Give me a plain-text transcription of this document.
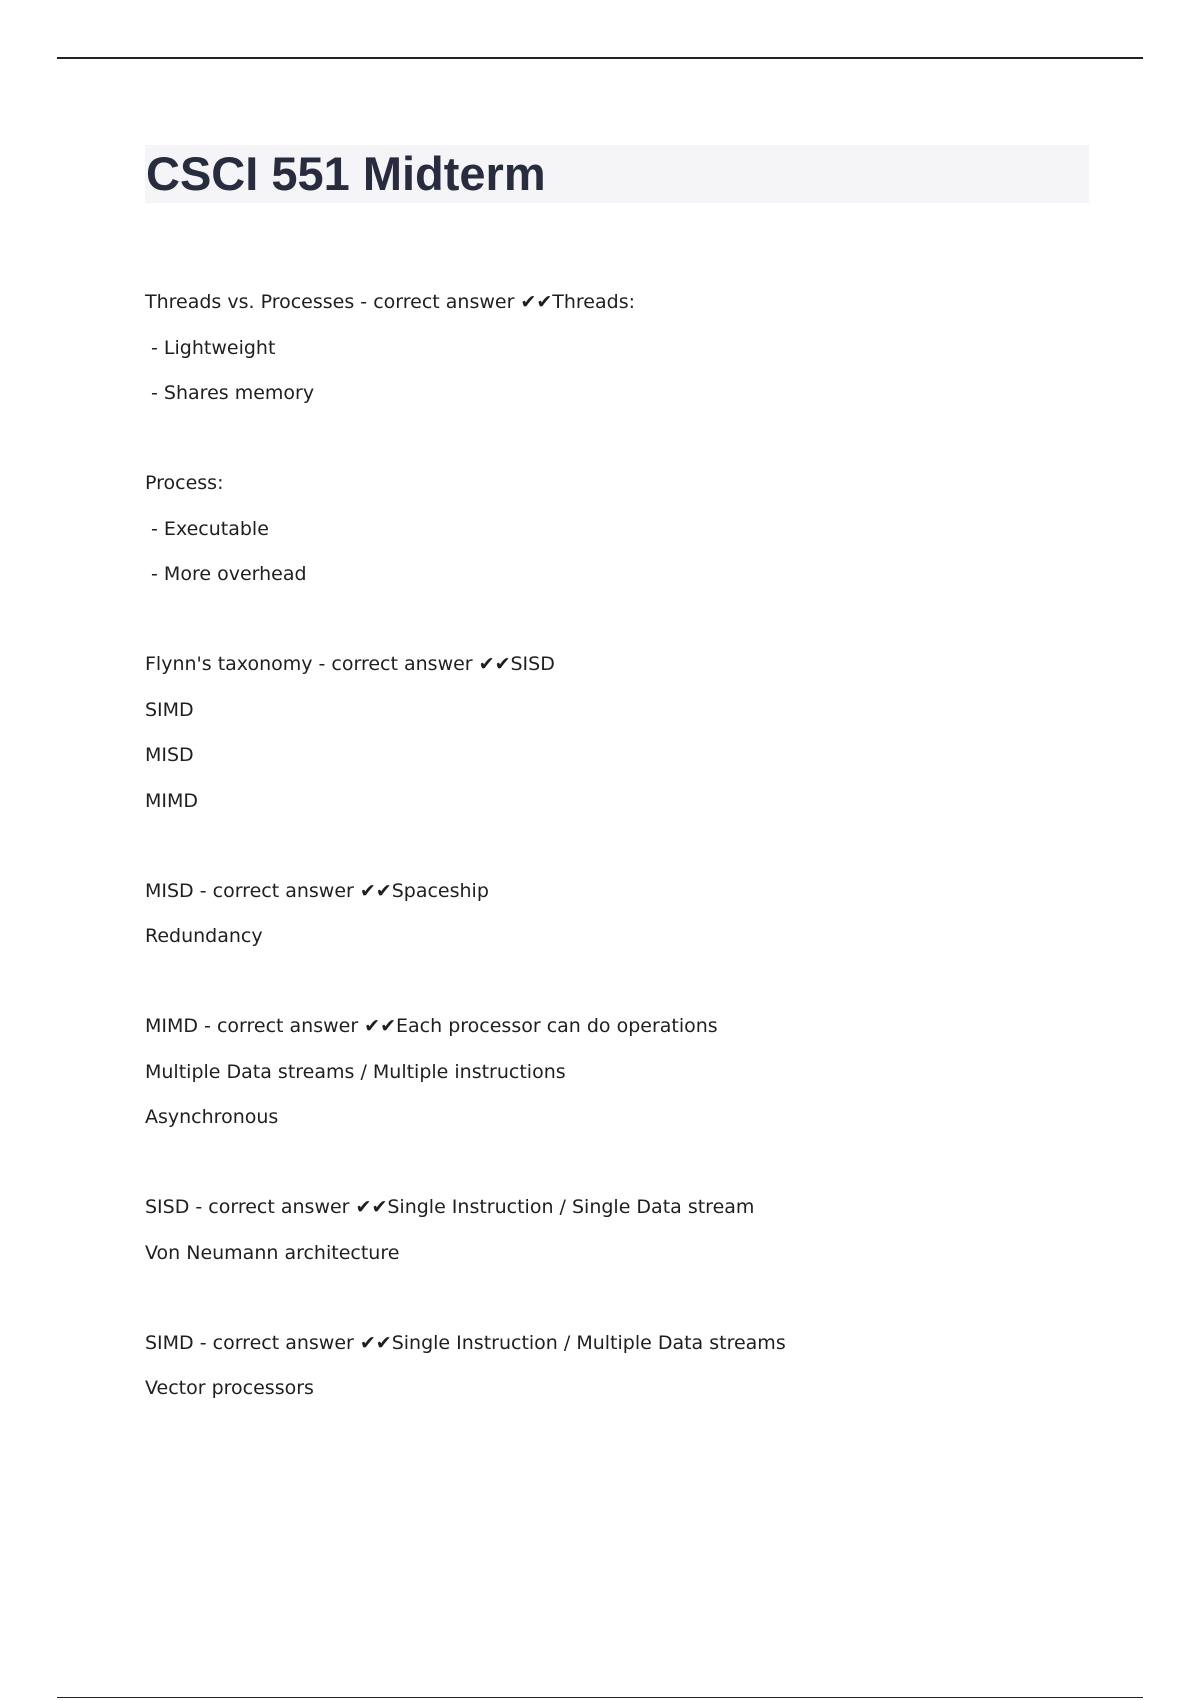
CSCI 551 Midterm
Threads vs. Processes - correct answer ✔✔Threads:
- Lightweight
- Shares memory
Process:
- Executable
- More overhead
Flynn's taxonomy - correct answer ✔✔SISD
SIMD
MISD
MIMD
MISD - correct answer ✔✔Spaceship
Redundancy
MIMD - correct answer ✔✔Each processor can do operations
Multiple Data streams / Multiple instructions
Asynchronous
SISD - correct answer ✔✔Single Instruction / Single Data stream
Von Neumann architecture
SIMD - correct answer ✔✔Single Instruction / Multiple Data streams
Vector processors
